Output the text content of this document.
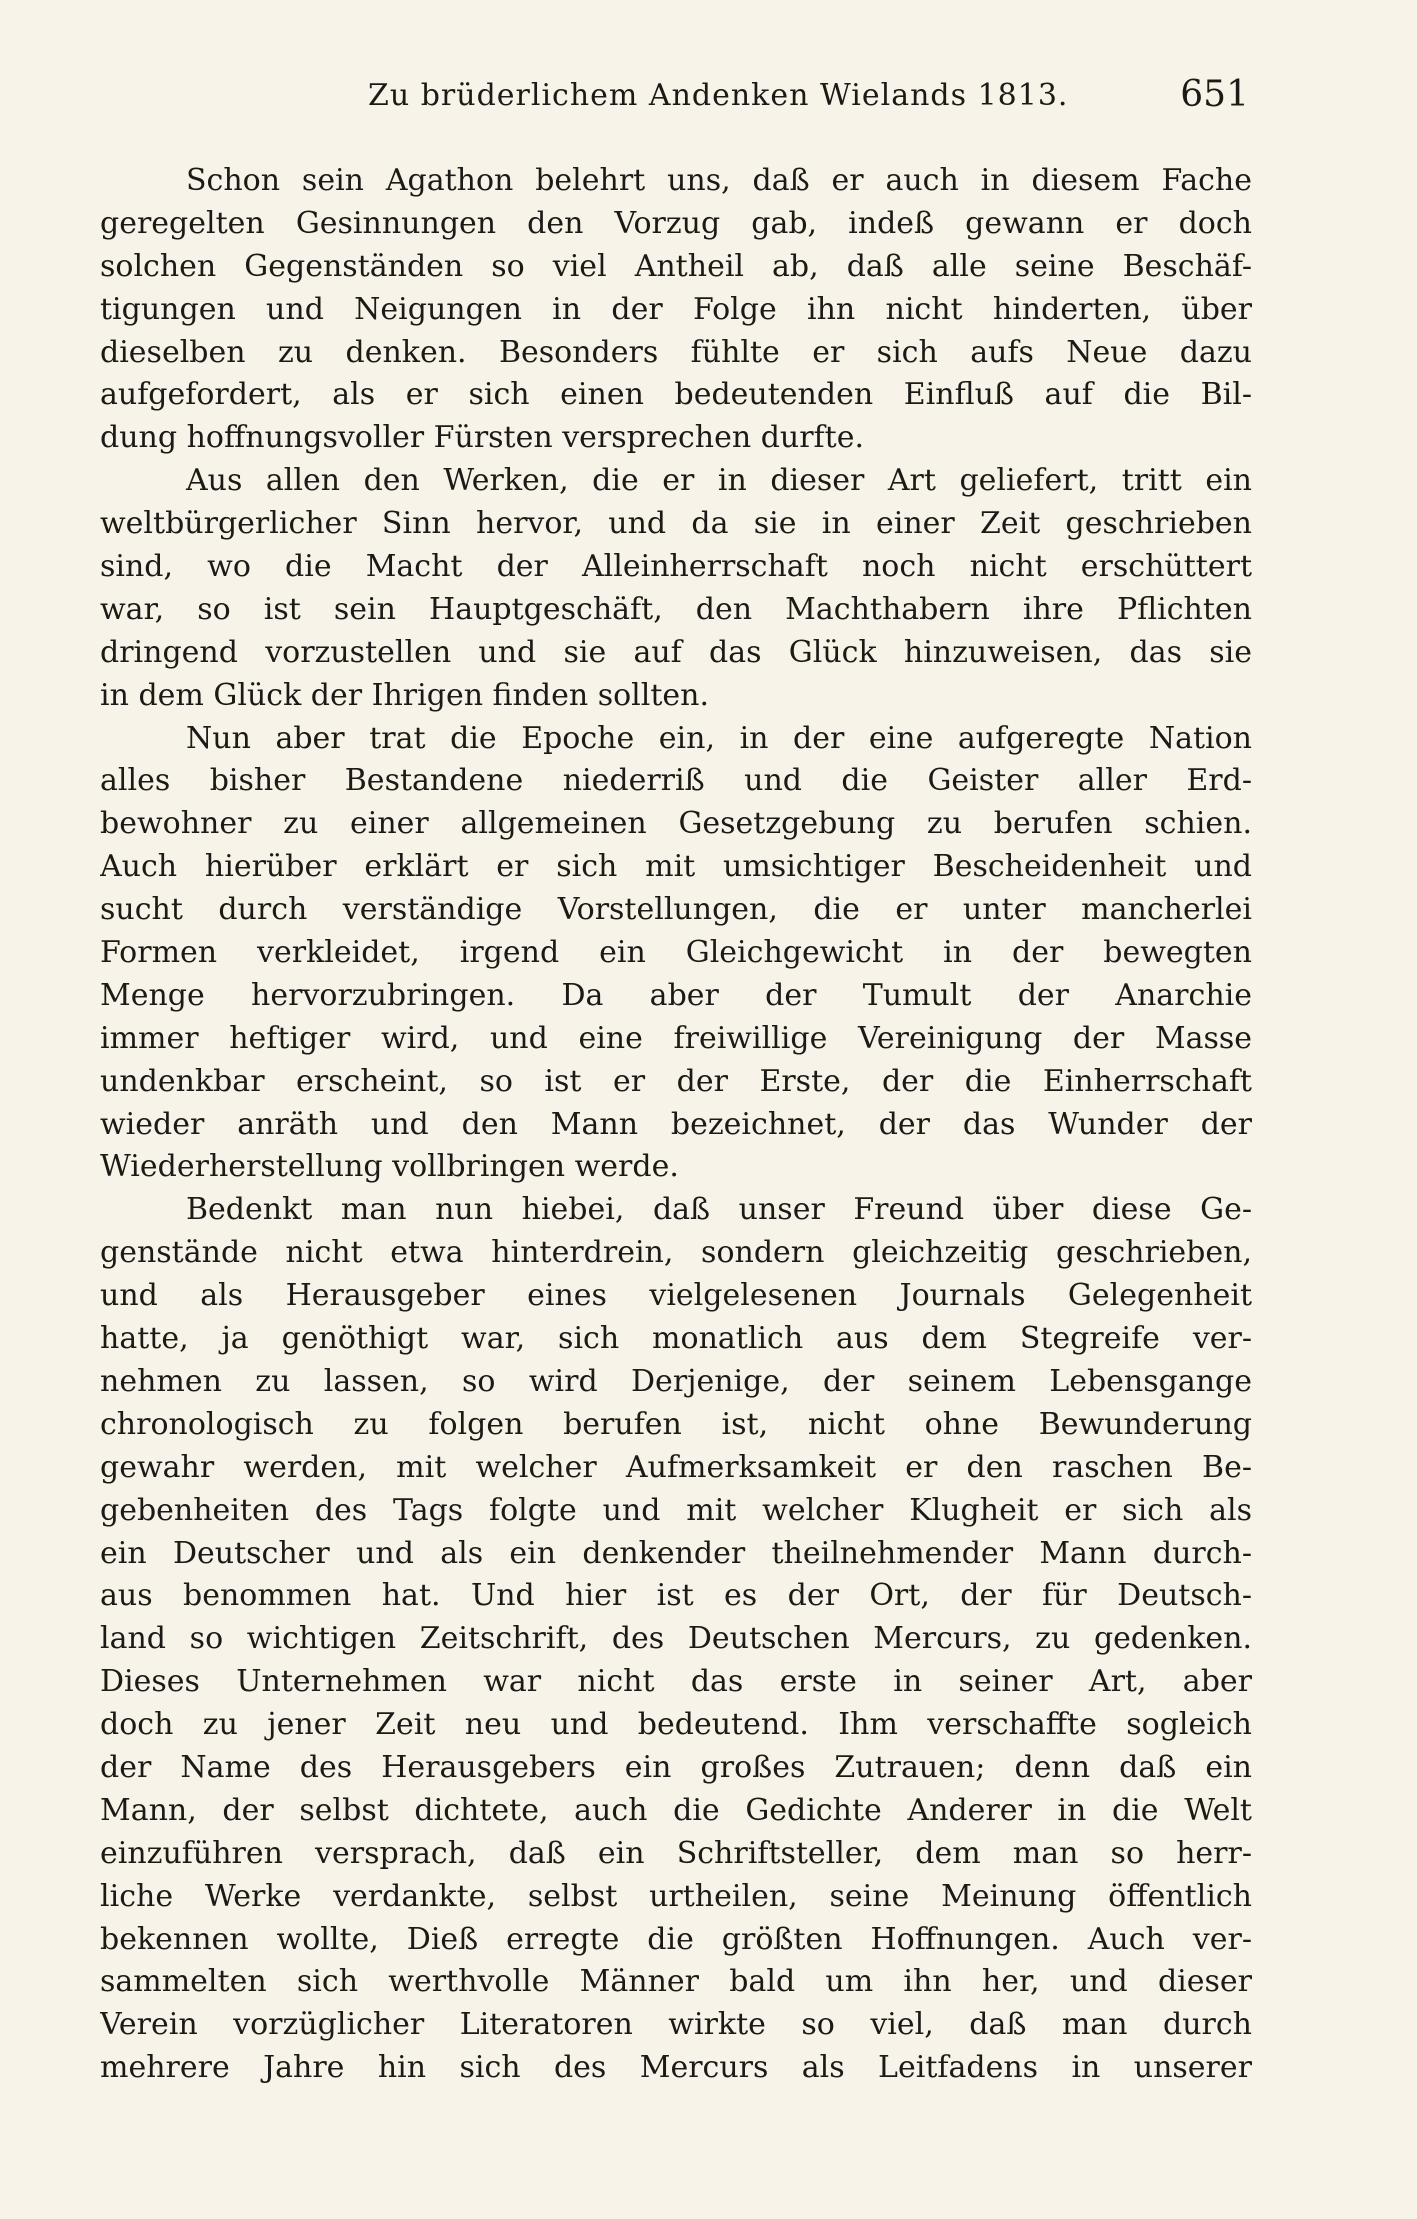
Zu brüderlichem Andenken Wielands 1813.	651
Schon sein Agathon belehrt uns, daß er auch in diesem Fache
geregelten Gesinnungen den Vorzug gab, indeß gewann er doch
solchen Gegenständen so viel Antheil ab, daß alle seine Beschäf-
tigungen und Neigungen in der Folge ihn nicht hinderten, über
dieselben zu denken. Besonders fühlte er sich aufs Neue dazu
aufgefordert, als er sich einen bedeutenden Einfluß auf die Bil-
dung hoffnungsvoller Fürsten versprechen durfte.
Aus allen den Werken, die er in dieser Art geliefert, tritt ein
weltbürgerlicher Sinn hervor, und da sie in einer Zeit geschrieben
sind, wo die Macht der Alleinherrschaft noch nicht erschüttert
war, so ist sein Hauptgeschäft, den Machthabern ihre Pflichten
dringend vorzustellen und sie auf das Glück hinzuweisen, das sie
in dem Glück der Ihrigen finden sollten.
Nun aber trat die Epoche ein, in der eine aufgeregte Nation
alles bisher Bestandene niederriß und die Geister aller Erd-
bewohner zu einer allgemeinen Gesetzgebung zu berufen schien.
Auch hierüber erklärt er sich mit umsichtiger Bescheidenheit und
sucht durch verständige Vorstellungen, die er unter mancherlei
Formen verkleidet, irgend ein Gleichgewicht in der bewegten
Menge hervorzubringen. Da aber der Tumult der Anarchie
immer heftiger wird, und eine freiwillige Vereinigung der Masse
undenkbar erscheint, so ist er der Erste, der die Einherrschaft
wieder anräth und den Mann bezeichnet, der das Wunder der
Wiederherstellung vollbringen werde.
Bedenkt man nun hiebei, daß unser Freund über diese Ge-
genstände nicht etwa hinterdrein, sondern gleichzeitig geschrieben,
und als Herausgeber eines vielgelesenen Journals Gelegenheit
hatte, ja genöthigt war, sich monatlich aus dem Stegreife ver-
nehmen zu lassen, so wird Derjenige, der seinem Lebensgange
chronologisch zu folgen berufen ist, nicht ohne Bewunderung
gewahr werden, mit welcher Aufmerksamkeit er den raschen Be-
gebenheiten des Tags folgte und mit welcher Klugheit er sich als
ein Deutscher und als ein denkender theilnehmender Mann durch-
aus benommen hat. Und hier ist es der Ort, der für Deutsch-
land so wichtigen Zeitschrift, des Deutschen Mercurs, zu gedenken.
Dieses Unternehmen war nicht das erste in seiner Art, aber
doch zu jener Zeit neu und bedeutend. Ihm verschaffte sogleich
der Name des Herausgebers ein großes Zutrauen; denn daß ein
Mann, der selbst dichtete, auch die Gedichte Anderer in die Welt
einzuführen versprach, daß ein Schriftsteller, dem man so herr-
liche Werke verdankte, selbst urtheilen, seine Meinung öffentlich
bekennen wollte, Dieß erregte die größten Hoffnungen. Auch ver-
sammelten sich werthvolle Männer bald um ihn her, und dieser
Verein vorzüglicher Literatoren wirkte so viel, daß man durch
mehrere Jahre hin sich des Mercurs als Leitfadens in unserer
